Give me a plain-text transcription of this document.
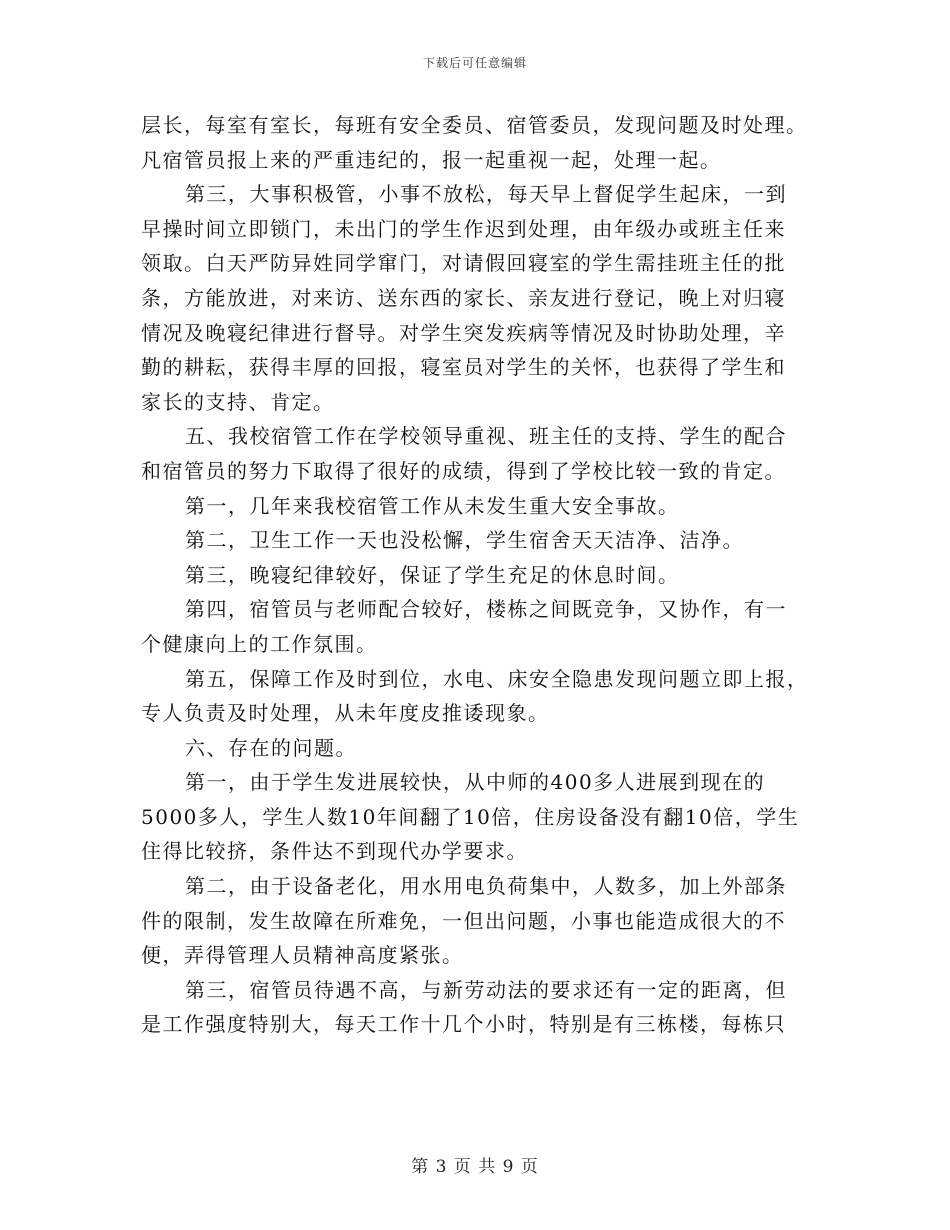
下载后可任意编辑
层长，每室有室长，每班有安全委员、宿管委员，发现问题及时处理。
凡宿管员报上来的严重违纪的，报一起重视一起，处理一起。
第三，大事积极管，小事不放松，每天早上督促学生起床，一到
早操时间立即锁门，未出门的学生作迟到处理，由年级办或班主任来
领取。白天严防异姓同学窜门，对请假回寝室的学生需挂班主任的批
条，方能放进，对来访、送东西的家长、亲友进行登记，晚上对归寝
情况及晚寝纪律进行督导。对学生突发疾病等情况及时协助处理，辛
勤的耕耘，获得丰厚的回报，寝室员对学生的关怀，也获得了学生和
家长的支持、肯定。
五、我校宿管工作在学校领导重视、班主任的支持、学生的配合
和宿管员的努力下取得了很好的成绩，得到了学校比较一致的肯定。
第一，几年来我校宿管工作从未发生重大安全事故。
第二，卫生工作一天也没松懈，学生宿舍天天洁净、洁净。
第三，晚寝纪律较好，保证了学生充足的休息时间。
第四，宿管员与老师配合较好，楼栋之间既竞争，又协作，有一
个健康向上的工作氛围。
第五，保障工作及时到位，水电、床安全隐患发现问题立即上报，
专人负责及时处理，从未年度皮推诿现象。
六、存在的问题。
第一，由于学生发进展较快，从中师的400多人进展到现在的
5000多人，学生人数10年间翻了10倍，住房设备没有翻10倍，学生
住得比较挤，条件达不到现代办学要求。
第二，由于设备老化，用水用电负荷集中，人数多，加上外部条
件的限制，发生故障在所难免，一但出问题，小事也能造成很大的不
便，弄得管理人员精神高度紧张。
第三，宿管员待遇不高，与新劳动法的要求还有一定的距离，但
是工作强度特别大，每天工作十几个小时，特别是有三栋楼，每栋只
第 3 页 共 9 页
